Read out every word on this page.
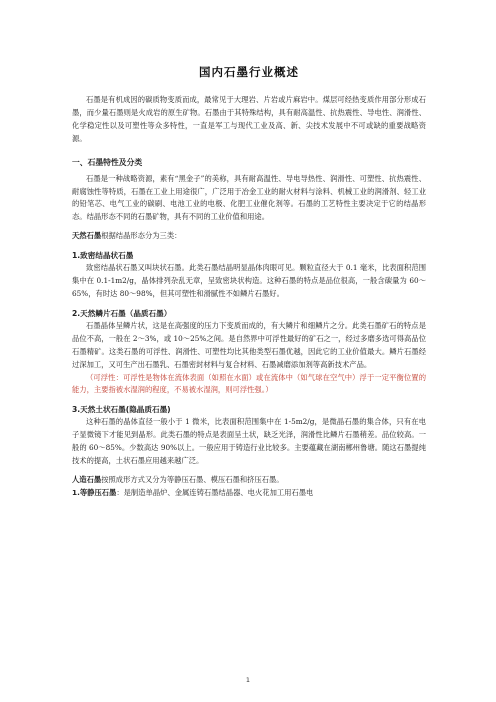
国内石墨行业概述

石墨是有机成因的碳质物变质而成，最常见于大理岩、片岩或片麻岩中。煤层可经热变质作用部分形成石墨，而少量石墨则是火成岩的原生矿物。石墨由于其特殊结构，具有耐高温性、抗热震性、导电性、润滑性、化学稳定性以及可塑性等众多特性，一直是军工与现代工业及高、新、尖技术发展中不可或缺的重要战略资源。

一、石墨特性及分类

石墨是一种战略资源，素有“黑金子”的美称，具有耐高温性、导电导热性、润滑性、可塑性、抗热震性、耐腐蚀性等特质，石墨在工业上用途很广，广泛用于冶金工业的耐火材料与涂料、机械工业的润滑剂、轻工业的铅笔芯、电气工业的碳刷、电池工业的电极、化肥工业催化剂等。石墨的工艺特性主要决定于它的结晶形态。结晶形态不同的石墨矿物，具有不同的工业价值和用途。

天然石墨根据结晶形态分为三类：

1.致密结晶状石墨

致密结晶状石墨又叫块状石墨。此类石墨结晶明显晶体肉眼可见。颗粒直径大于 0.1 毫米，比表面积范围集中在 0.1-1m2/g，晶体排列杂乱无章，呈致密块状构造。这种石墨的特点是品位很高，一般含碳量为 60～65%，有时达 80～98%，但其可塑性和滑腻性不如鳞片石墨好。

2.天然鳞片石墨（晶质石墨）

石墨晶体呈鳞片状，这是在高强度的压力下变质而成的，有大鳞片和细鳞片之分。此类石墨矿石的特点是品位不高，一般在 2～3%，或 10～25%之间。是自然界中可浮性最好的矿石之一，经过多磨多选可得高品位石墨精矿。这类石墨的可浮性、润滑性、可塑性均比其他类型石墨优越，因此它的工业价值最大。鳞片石墨经过深加工，又可生产出石墨乳、石墨密封材料与复合材料、石墨减磨添加剂等高新技术产品。

（可浮性：可浮性是物体在流体表面（如照在水面）或在流体中（如气球在空气中）浮于一定平衡位置的能力，主要指被水湿润的程度，不易被水湿润，则可浮性强。）

3.天然土状石墨(隐晶质石墨)

这种石墨的晶体直径一般小于 1 微米，比表面积范围集中在 1-5m2/g，是微晶石墨的集合体，只有在电子显微镜下才能见到晶形。此类石墨的特点是表面呈土状，缺乏光泽，润滑性比鳞片石墨稍差。品位较高。一般的 60～85%。少数高达 90%以上。一般应用于铸造行业比较多。主要蕴藏在湖南郴州鲁塘。随这石墨提纯技术的提高，土状石墨应用越来越广泛。

人造石墨按照成形方式又分为等静压石墨、模压石墨和挤压石墨。

1.等静压石墨：是制造单晶炉、金属连铸石墨结晶器、电火花加工用石墨电

1
